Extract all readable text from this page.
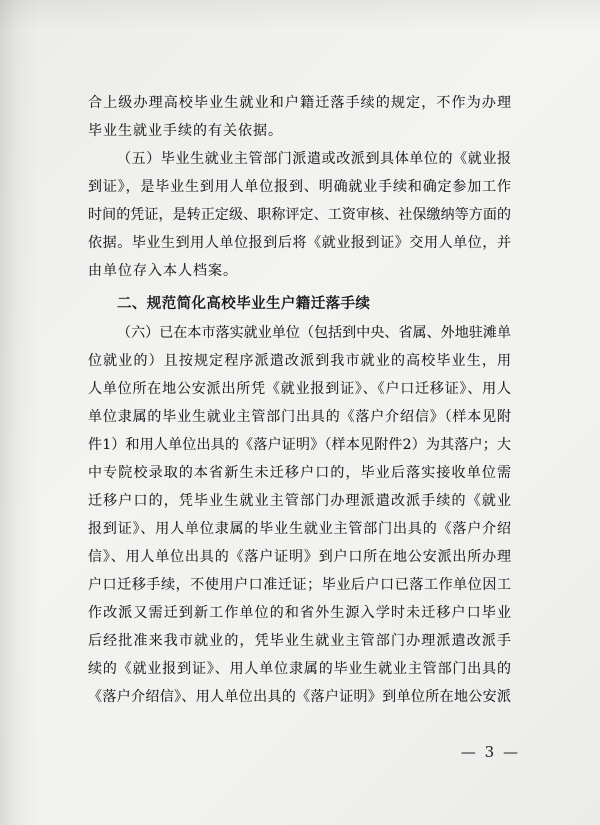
合上级办理高校毕业生就业和户籍迁落手续的规定，不作为办理
毕业生就业手续的有关依据。
（五）毕业生就业主管部门派遣或改派到具体单位的《就业报
到证》，是毕业生到用人单位报到、明确就业手续和确定参加工作
时间的凭证，是转正定级、职称评定、工资审核、社保缴纳等方面的
依据。毕业生到用人单位报到后将《就业报到证》交用人单位，并
由单位存入本人档案。
二、规范简化高校毕业生户籍迁落手续
（六）已在本市落实就业单位（包括到中央、省属、外地驻滩单
位就业的）且按规定程序派遣改派到我市就业的高校毕业生，用
人单位所在地公安派出所凭《就业报到证》、《户口迁移证》、用人
单位隶属的毕业生就业主管部门出具的《落户介绍信》（样本见附
件1）和用人单位出具的《落户证明》（样本见附件2）为其落户；大
中专院校录取的本省新生未迁移户口的，毕业后落实接收单位需
迁移户口的，凭毕业生就业主管部门办理派遣改派手续的《就业
报到证》、用人单位隶属的毕业生就业主管部门出具的《落户介绍
信》、用人单位出具的《落户证明》到户口所在地公安派出所办理
户口迁移手续，不使用户口准迁证；毕业后户口已落工作单位因工
作改派又需迁到新工作单位的和省外生源入学时未迁移户口毕业
后经批准来我市就业的，凭毕业生就业主管部门办理派遣改派手
续的《就业报到证》、用人单位隶属的毕业生就业主管部门出具的
《落户介绍信》、用人单位出具的《落户证明》到单位所在地公安派
— 3 —
